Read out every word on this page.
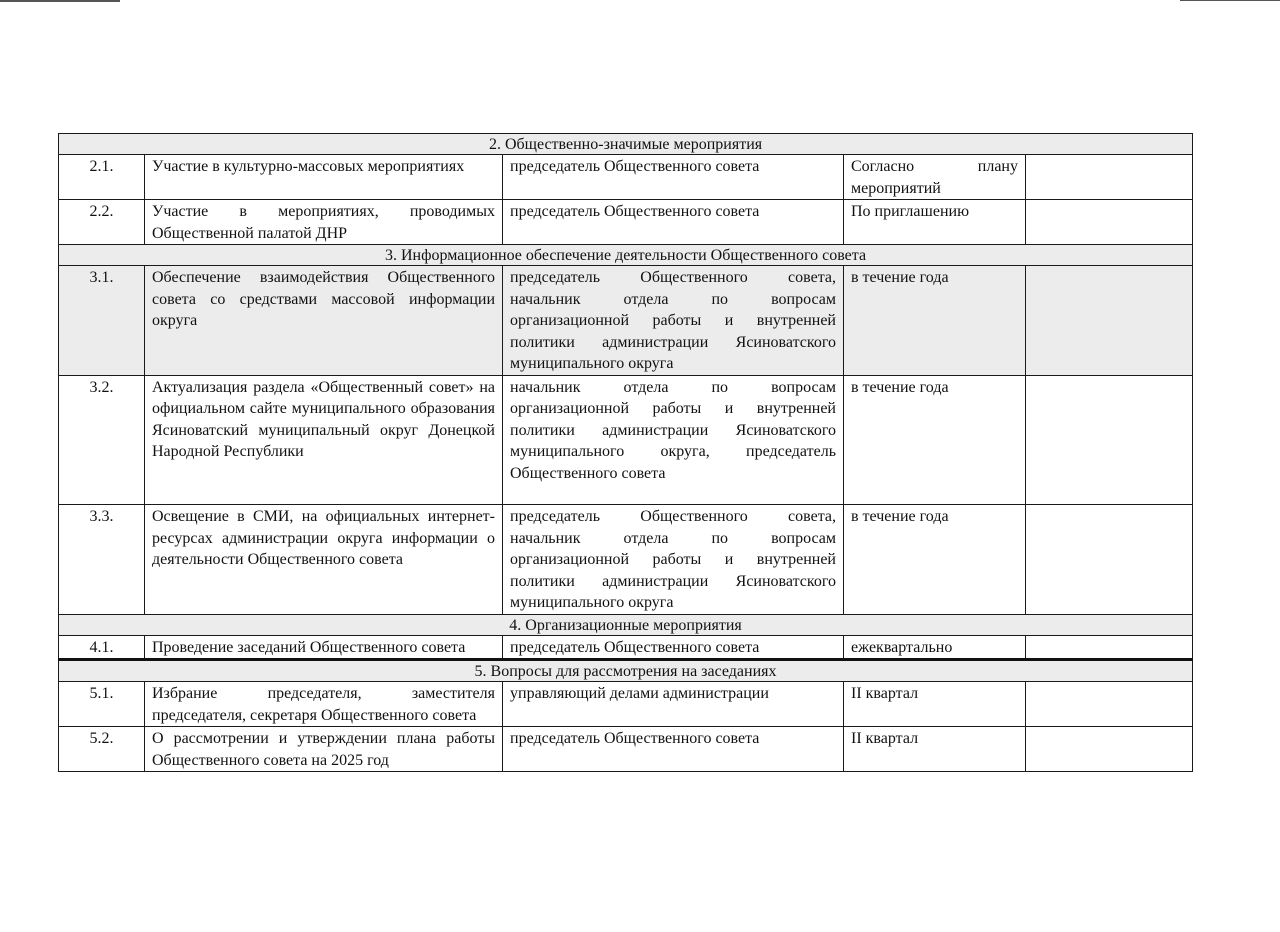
2. Общественно-значимые мероприятия				
2.1.	Участие в культурно-массовых мероприятиях	председатель Общественного совета	Согласно плану мероприятий	
2.2.	Участие в мероприятиях, проводимых Общественной палатой ДНР	председатель Общественного совета	По приглашению	
3. Информационное обеспечение деятельности Общественного совета				
3.1.	Обеспечение взаимодействия Общественного совета со средствами массовой информации округа	председатель Общественного совета, начальник отдела по вопросам организационной работы и внутренней политики администрации Ясиноватского муниципального округа	в течение года	
3.2.	Актуализация раздела «Общественный совет» на официальном сайте муниципального образования Ясиноватский муниципальный округ Донецкой Народной Республики	начальник отдела по вопросам организационной работы и внутренней политики администрации Ясиноватского муниципального округа, председатель Общественного совета	в течение года	
3.3.	Освещение в СМИ, на официальных интернет-ресурсах администрации округа информации о деятельности Общественного совета	председатель Общественного совета, начальник отдела по вопросам организационной работы и внутренней политики администрации Ясиноватского муниципального округа	в течение года	
4. Организационные мероприятия				
4.1.	Проведение заседаний Общественного совета	председатель Общественного совета	ежеквартально	
5. Вопросы для рассмотрения на заседаниях				
5.1.	Избрание председателя, заместителя председателя, секретаря Общественного совета	управляющий делами администрации	II квартал	
5.2.	О рассмотрении и утверждении плана работы Общественного совета на 2025 год	председатель Общественного совета	II квартал	
